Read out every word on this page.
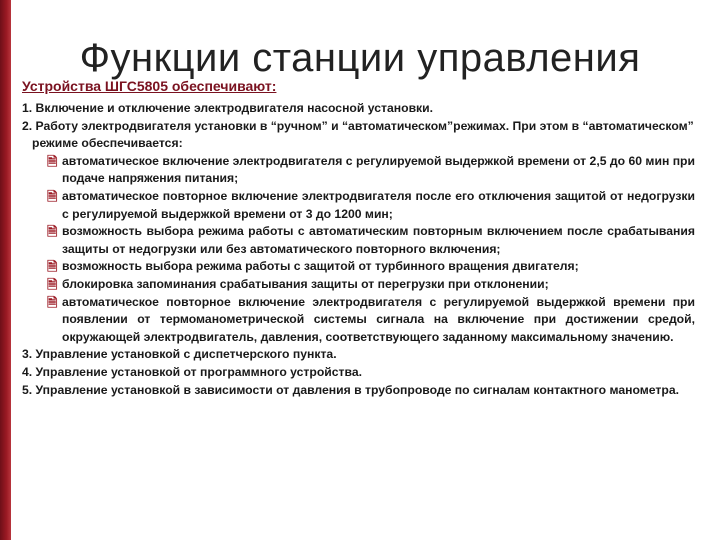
Функции станции управления
Устройства ШГС5805 обеспечивают:

1. Включение и отключение электродвигателя насосной установки.

2. Работу электродвигателя установки в “ручном” и “автоматическом”режимах. При этом в “автоматическом” режиме обеспечивается:

🗎 автоматическое включение электродвигателя с регулируемой выдержкой времени от 2,5 до 60 мин при подаче напряжения питания;
🗎 автоматическое повторное включение электродвигателя после его отключения защитой от недогрузки с регулируемой выдержкой времени от 3 до 1200 мин;
🗎 возможность выбора режима работы с автоматическим повторным включением после срабатывания защиты от недогрузки или без автоматического повторного включения;
🗎 возможность выбора режима работы с защитой от турбинного вращения двигателя;
🗎 блокировка запоминания срабатывания защиты от перегрузки при отклонении;
🗎 автоматическое повторное включение электродвигателя с регулируемой выдержкой времени при появлении от термоманометрической системы сигнала на включение при достижении средой, окружающей электродвигатель, давления, соответствующего заданному максимальному значению.

3. Управление установкой с диспетчерского пункта.

4. Управление установкой от программного устройства.

5. Управление установкой в зависимости от давления в трубопроводе по сигналам контактного манометра.
